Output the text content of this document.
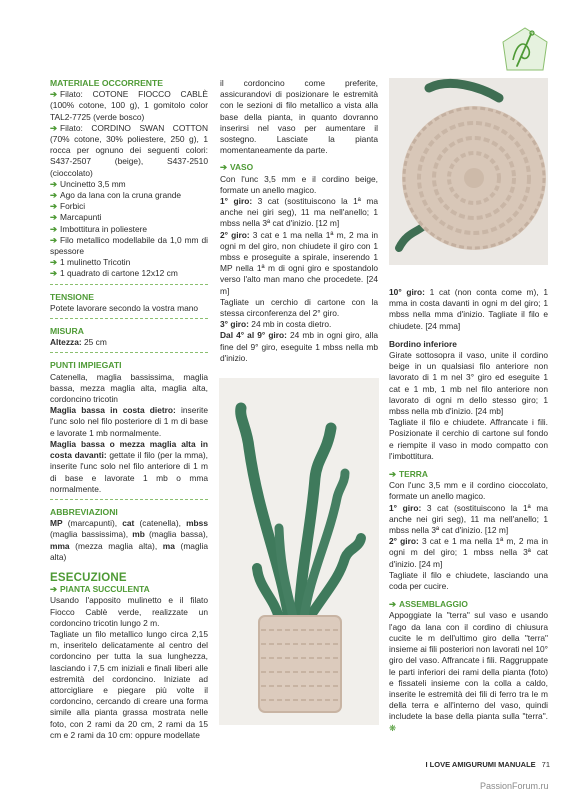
MATERIALE OCCORRENTE
➔ Filato: COTONE FIOCCO CABLÈ (100% cotone, 100 g), 1 gomitolo color TAL2-7725 (verde bosco)
➔ Filato: CORDINO SWAN COTTON (70% cotone, 30% poliestere, 250 g), 1 rocca per ognuno dei seguenti colori: S437-2507 (beige), S437-2510 (cioccolato)
➔ Uncinetto 3,5 mm
➔ Ago da lana con la cruna grande
➔ Forbici
➔ Marcapunti
➔ Imbottitura in poliestere
➔ Filo metallico modellabile da 1,0 mm di spessore
➔ 1 mulinetto Tricotin
➔ 1 quadrato di cartone 12x12 cm
TENSIONE
Potete lavorare secondo la vostra mano
MISURA
Altezza: 25 cm
PUNTI IMPIEGATI
Catenella, maglia bassissima, maglia bassa, mezza maglia alta, maglia alta, cordoncino tricotin
Maglia bassa in costa dietro: inserite l'unc solo nel filo posteriore di 1 m di base e lavorate 1 mb normalmente.
Maglia bassa o mezza maglia alta in costa davanti: gettate il filo (per la mma), inserite l'unc solo nel filo anteriore di 1 m di base e lavorate 1 mb o mma normalmente.
ABBREVIAZIONI
MP (marcapunti), cat (catenella), mbss (maglia bassissima), mb (maglia bassa), mma (mezza maglia alta), ma (maglia alta)
ESECUZIONE
➔ PIANTA SUCCULENTA
Usando l'apposito mulinetto e il filato Fiocco Cablè verde, realizzate un cordoncino tricotin lungo 2 m.
Tagliate un filo metallico lungo circa 2,15 m, inseritelo delicatamente al centro del cordoncino per tutta la sua lunghezza, lasciando i 7,5 cm iniziali e finali liberi alle estremità del cordoncino. Iniziate ad attorcigliare e piegare più volte il cordoncino, cercando di creare una forma simile alla pianta grassa mostrata nelle foto, con 2 rami da 20 cm, 2 rami da 15 cm e 2 rami da 10 cm: oppure modellate
il cordoncino come preferite, assicurandovi di posizionare le estremità con le sezioni di filo metallico a vista alla base della pianta, in quanto dovranno inserirsi nel vaso per aumentare il sostegno. Lasciate la pianta momentaneamente da parte.
➔ VASO
Con l'unc 3,5 mm e il cordino beige, formate un anello magico.
1° giro: 3 cat (sostituiscono la 1ª ma anche nei giri seg), 11 ma nell'anello; 1 mbss nella 3ª cat d'inizio. [12 m]
2° giro: 3 cat e 1 ma nella 1ª m, 2 ma in ogni m del giro, non chiudete il giro con 1 mbss e proseguite a spirale, inserendo 1 MP nella 1ª m di ogni giro e spostandolo verso l'alto man mano che procedete. [24 m]
Tagliate un cerchio di cartone con la stessa circonferenza del 2° giro.
3° giro: 24 mb in costa dietro.
Dal 4° al 9° giro: 24 mb in ogni giro, alla fine del 9° giro, eseguite 1 mbss nella mb d'inizio.
10° giro: 1 cat (non conta come m), 1 mma in costa davanti in ogni m del giro; 1 mbss nella mma d'inizio. Tagliate il filo e chiudete. [24 mma]
Bordino inferiore
Girate sottosopra il vaso, unite il cordino beige in un qualsiasi filo anteriore non lavorato di 1 m nel 3° giro ed eseguite 1 cat e 1 mb, 1 mb nel filo anteriore non lavorato di ogni m dello stesso giro; 1 mbss nella mb d'inizio. [24 mb]
Tagliate il filo e chiudete. Affrancate i fili. Posizionate il cerchio di cartone sul fondo e riempite il vaso in modo compatto con l'imbottitura.
➔ TERRA
Con l'unc 3,5 mm e il cordino cioccolato, formate un anello magico.
1° giro: 3 cat (sostituiscono la 1ª ma anche nei giri seg), 11 ma nell'anello; 1 mbss nella 3ª cat d'inizio. [12 m]
2° giro: 3 cat e 1 ma nella 1ª m, 2 ma in ogni m del giro; 1 mbss nella 3ª cat d'inizio. [24 m]
Tagliate il filo e chiudete, lasciando una coda per cucire.
➔ ASSEMBLAGGIO
Appoggiate la "terra" sul vaso e usando l'ago da lana con il cordino di chiusura cucite le m dell'ultimo giro della "terra" insieme ai fili posteriori non lavorati nel 10° giro del vaso. Affrancate i fili. Raggruppate le parti inferiori dei rami della pianta (foto) e fissateli insieme con la colla a caldo, inserite le estremità dei fili di ferro tra le m della terra e all'interno del vaso, quindi includete la base della pianta sulla "terra". ❋
I LOVE AMIGURUMI MANUALE 71
PassionForum.ru
